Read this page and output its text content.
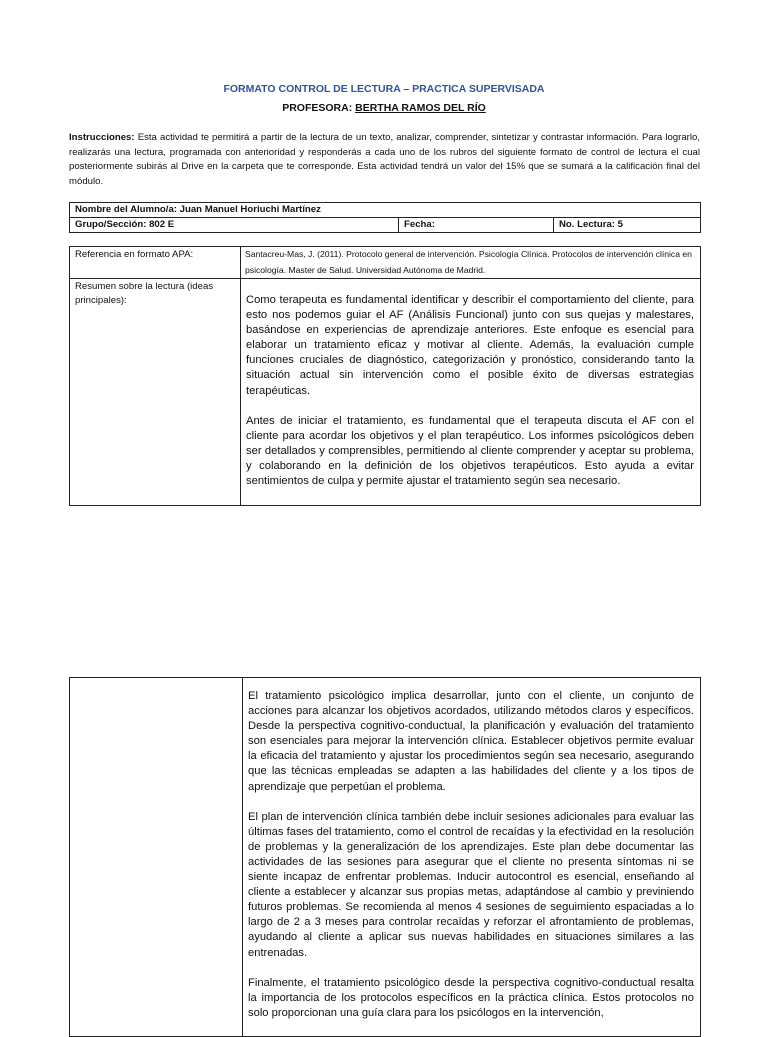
FORMATO CONTROL DE LECTURA – PRACTICA SUPERVISADA
PROFESORA: BERTHA RAMOS DEL RÍO
Instrucciones: Esta actividad te permitirá a partir de la lectura de un texto, analizar, comprender, sintetizar y contrastar información. Para lograrlo, realizarás una lectura, programada con anterioridad y responderás a cada uno de los rubros del siguiente formato de control de lectura el cual posteriormente subirás al Drive en la carpeta que te corresponde. Esta actividad tendrá un valor del 15% que se sumará a la calificación final del módulo.
Nombre del Alumno/a: Juan Manuel Horiuchi Martínez
Grupo/Sección: 802 E	Fecha:	No. Lectura: 5
Referencia en formato APA:	Santacreu-Mas, J. (2011). Protocolo general de intervención. Psicología Clínica. Protocolos de intervención clínica en psicología. Master de Salud. Universidad Autónoma de Madrid.
Resumen sobre la lectura (ideas principales):	Como terapeuta es fundamental identificar y describir el comportamiento del cliente, para esto nos podemos guiar el AF (Análisis Funcional) junto con sus quejas y malestares, basándose en experiencias de aprendizaje anteriores. Este enfoque es esencial para elaborar un tratamiento eficaz y motivar al cliente. Además, la evaluación cumple funciones cruciales de diagnóstico, categorización y pronóstico, considerando tanto la situación actual sin intervención como el posible éxito de diversas estrategias terapéuticas.

Antes de iniciar el tratamiento, es fundamental que el terapeuta discuta el AF con el cliente para acordar los objetivos y el plan terapéutico. Los informes psicológicos deben ser detallados y comprensibles, permitiendo al cliente comprender y aceptar su problema, y colaborando en la definición de los objetivos terapéuticos. Esto ayuda a evitar sentimientos de culpa y permite ajustar el tratamiento según sea necesario.

El tratamiento psicológico implica desarrollar, junto con el cliente, un conjunto de acciones para alcanzar los objetivos acordados, utilizando métodos claros y específicos. Desde la perspectiva cognitivo-conductual, la planificación y evaluación del tratamiento son esenciales para mejorar la intervención clínica. Establecer objetivos permite evaluar la eficacia del tratamiento y ajustar los procedimientos según sea necesario, asegurando que las técnicas empleadas se adapten a las habilidades del cliente y a los tipos de aprendizaje que perpetúan el problema.

El plan de intervención clínica también debe incluir sesiones adicionales para evaluar las últimas fases del tratamiento, como el control de recaídas y la efectividad en la resolución de problemas y la generalización de los aprendizajes. Este plan debe documentar las actividades de las sesiones para asegurar que el cliente no presenta síntomas ni se siente incapaz de enfrentar problemas. Inducir autocontrol es esencial, enseñando al cliente a establecer y alcanzar sus propias metas, adaptándose al cambio y previniendo futuros problemas. Se recomienda al menos 4 sesiones de seguimiento espaciadas a lo largo de 2 a 3 meses para controlar recaídas y reforzar el afrontamiento de problemas, ayudando al cliente a aplicar sus nuevas habilidades en situaciones similares a las entrenadas.

Finalmente, el tratamiento psicológico desde la perspectiva cognitivo-conductual resalta la importancia de los protocolos específicos en la práctica clínica. Estos protocolos no solo proporcionan una guía clara para los psicólogos en la intervención,
